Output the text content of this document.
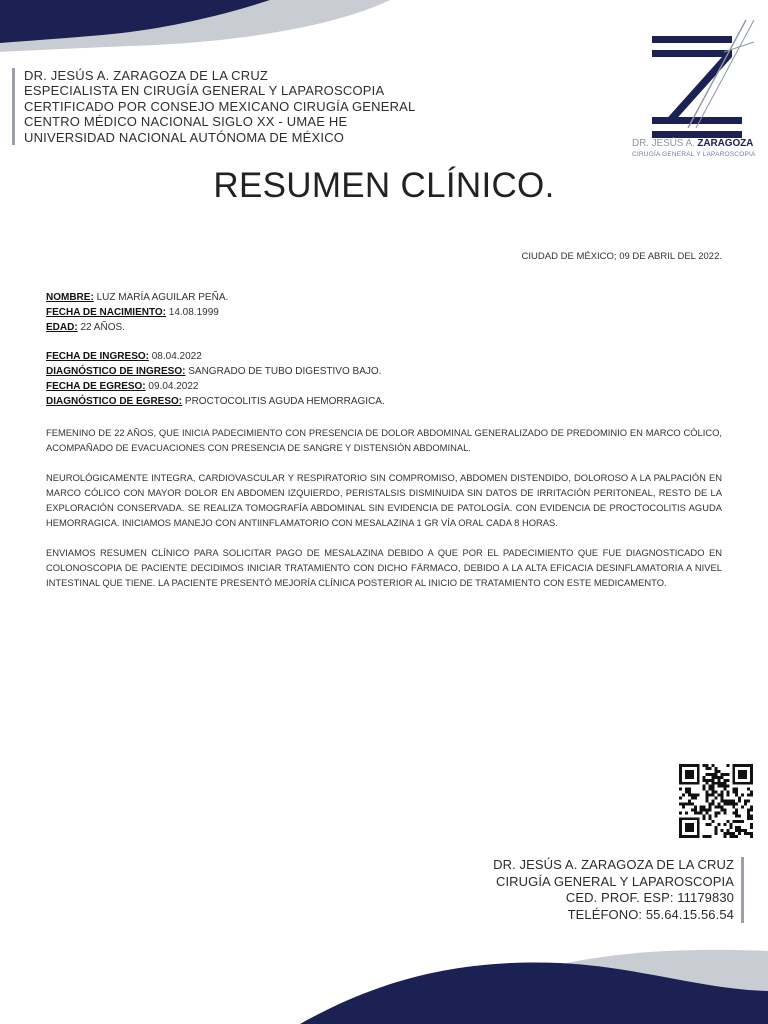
DR. JESÚS A. ZARAGOZA DE LA CRUZ
ESPECIALISTA EN CIRUGÍA GENERAL Y LAPAROSCOPIA
CERTIFICADO POR CONSEJO MEXICANO CIRUGÍA GENERAL
CENTRO MÉDICO NACIONAL SIGLO XX - UMAE HE
UNIVERSIDAD NACIONAL AUTÓNOMA DE MÉXICO	DR. JESÚS A. ZARAGOZA
CIRUGÍA GENERAL Y LAPAROSCOPIA
RESUMEN CLÍNICO.
CIUDAD DE MÉXICO; 09 DE ABRIL DEL 2022.
NOMBRE: LUZ MARÍA AGUILAR PEÑA.
FECHA DE NACIMIENTO: 14.08.1999
EDAD: 22 AÑOS.
FECHA DE INGRESO: 08.04.2022
DIAGNÓSTICO DE INGRESO: SANGRADO DE TUBO DIGESTIVO BAJO.
FECHA DE EGRESO: 09.04.2022
DIAGNÓSTICO DE EGRESO: PROCTOCOLITIS AGUDA HEMORRAGICA.

FEMENINO DE 22 AÑOS, QUE INICIA PADECIMIENTO CON PRESENCIA DE DOLOR ABDOMINAL GENERALIZADO DE PREDOMINIO EN MARCO CÓLICO, ACOMPAÑADO DE EVACUACIONES CON PRESENCIA DE SANGRE Y DISTENSIÓN ABDOMINAL.

NEUROLÓGICAMENTE INTEGRA, CARDIOVASCULAR Y RESPIRATORIO SIN COMPROMISO, ABDOMEN DISTENDIDO, DOLOROSO A LA PALPACIÓN EN MARCO CÓLICO CON MAYOR DOLOR EN ABDOMEN IZQUIERDO, PERISTALSIS DISMINUIDA SIN DATOS DE IRRITACIÓN PERITONEAL, RESTO DE LA EXPLORACIÓN CONSERVADA. SE REALIZA TOMOGRAFÍA ABDOMINAL SIN EVIDENCIA DE PATOLOGÍA. CON EVIDENCIA DE PROCTOCOLITIS AGUDA HEMORRAGICA. INICIAMOS MANEJO CON ANTIINFLAMATORIO CON MESALAZINA 1 GR VÍA ORAL CADA 8 HORAS.

ENVIAMOS RESUMEN CLÍNICO PARA SOLICITAR PAGO DE MESALAZINA DEBIDO A QUE POR EL PADECIMIENTO QUE FUE DIAGNOSTICADO EN COLONOSCOPIA DE PACIENTE DECIDIMOS INICIAR TRATAMIENTO CON DICHO FÁRMACO, DEBIDO A LA ALTA EFICACIA DESINFLAMATORIA A NIVEL INTESTINAL QUE TIENE. LA PACIENTE PRESENTÓ MEJORÍA CLÍNICA POSTERIOR AL INICIO DE TRATAMIENTO CON ESTE MEDICAMENTO.

DR. JESÚS A. ZARAGOZA DE LA CRUZ
CIRUGÍA GENERAL Y LAPAROSCOPIA
CED. PROF. ESP: 11179830
TELÉFONO: 55.64.15.56.54
